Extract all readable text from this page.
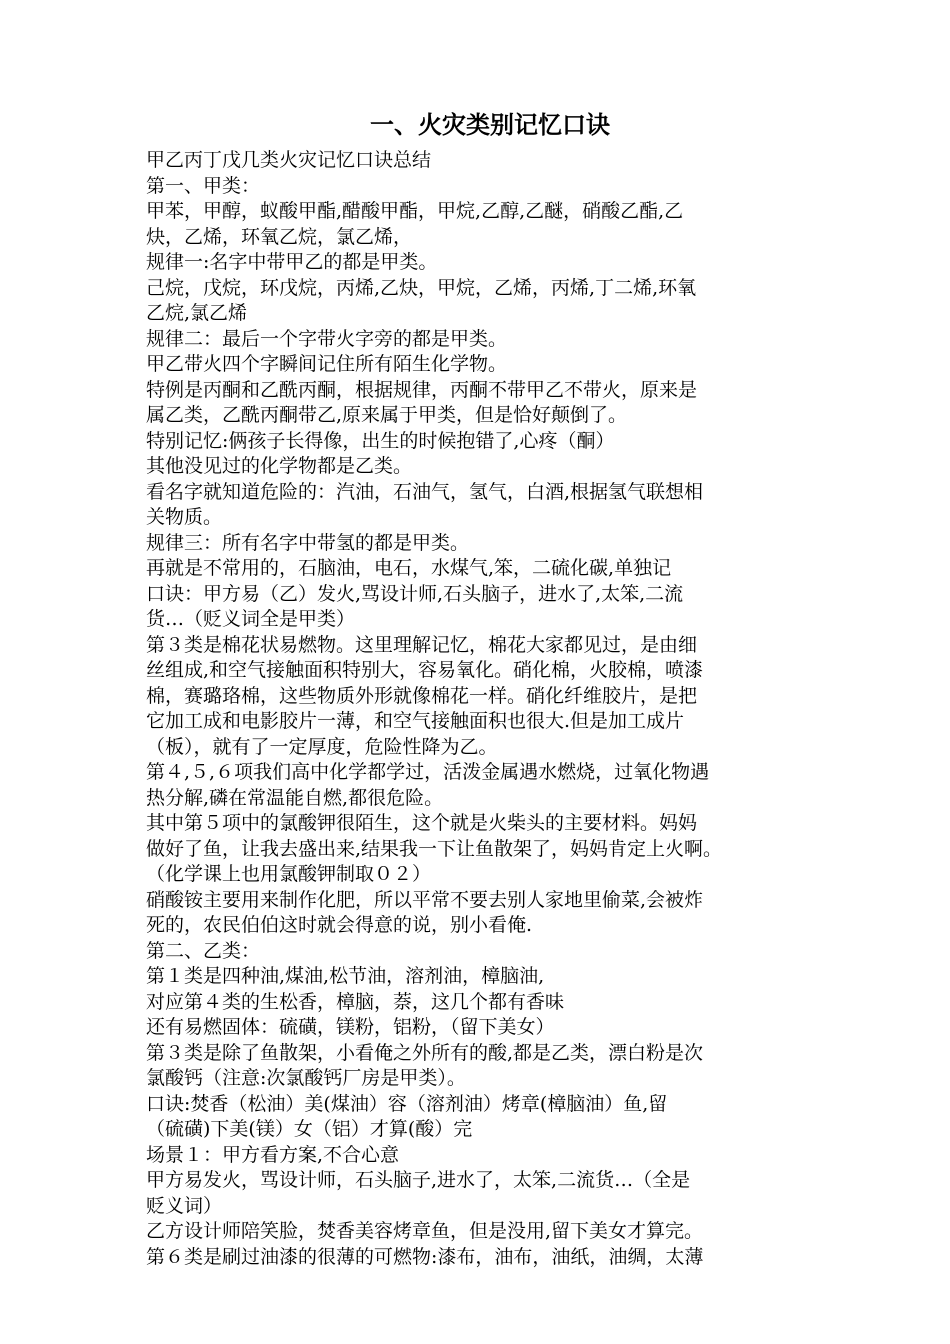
一、火灾类别记忆口诀
甲乙丙丁戊几类火灾记忆口诀总结
第一、甲类：
甲苯，甲醇，蚁酸甲酯,醋酸甲酯，甲烷,乙醇,乙醚，硝酸乙酯,乙
炔，乙烯，环氧乙烷，氯乙烯，
规律一:名字中带甲乙的都是甲类。
己烷，戊烷，环戊烷，丙烯,乙炔，甲烷，乙烯，丙烯,丁二烯,环氧
乙烷,氯乙烯
规律二：最后一个字带火字旁的都是甲类。
甲乙带火四个字瞬间记住所有陌生化学物。
特例是丙酮和乙酰丙酮，根据规律，丙酮不带甲乙不带火，原来是
属乙类，乙酰丙酮带乙,原来属于甲类，但是恰好颠倒了。
特别记忆:俩孩子长得像，出生的时候抱错了,心疼（酮）
其他没见过的化学物都是乙类。
看名字就知道危险的：汽油，石油气，氢气，白酒,根据氢气联想相
关物质。
规律三：所有名字中带氢的都是甲类。
再就是不常用的，石脑油，电石，水煤气,笨，二硫化碳,单独记
口诀：甲方易（乙）发火,骂设计师,石头脑子，进水了,太笨,二流
货…（贬义词全是甲类）
第３类是棉花状易燃物。这里理解记忆，棉花大家都见过，是由细
丝组成,和空气接触面积特别大，容易氧化。硝化棉，火胶棉，喷漆
棉，赛璐珞棉，这些物质外形就像棉花一样。硝化纤维胶片，是把
它加工成和电影胶片一薄，和空气接触面积也很大.但是加工成片
（板），就有了一定厚度，危险性降为乙。
第４,５,６项我们高中化学都学过，活泼金属遇水燃烧，过氧化物遇
热分解,磷在常温能自燃,都很危险。
其中第５项中的氯酸钾很陌生，这个就是火柴头的主要材料。妈妈
做好了鱼，让我去盛出来,结果我一下让鱼散架了，妈妈肯定上火啊。
（化学课上也用氯酸钾制取０２）
硝酸铵主要用来制作化肥，所以平常不要去别人家地里偷菜,会被炸
死的，农民伯伯这时就会得意的说，别小看俺.
第二、乙类：
第１类是四种油,煤油,松节油，溶剂油，樟脑油,
对应第４类的生松香，樟脑，萘，这几个都有香味
还有易燃固体：硫磺，镁粉，铝粉，（留下美女）
第３类是除了鱼散架，小看俺之外所有的酸,都是乙类，漂白粉是次
氯酸钙（注意:次氯酸钙厂房是甲类）。
口诀:焚香（松油）美(煤油）容（溶剂油）烤章(樟脑油）鱼,留
（硫磺)下美(镁）女（铝）才算(酸）完
场景１：甲方看方案,不合心意
甲方易发火，骂设计师，石头脑子,进水了，太笨,二流货…（全是
贬义词）
乙方设计师陪笑脸，焚香美容烤章鱼，但是没用,留下美女才算完。
第６类是刷过油漆的很薄的可燃物:漆布，油布，油纸，油绸，太薄
